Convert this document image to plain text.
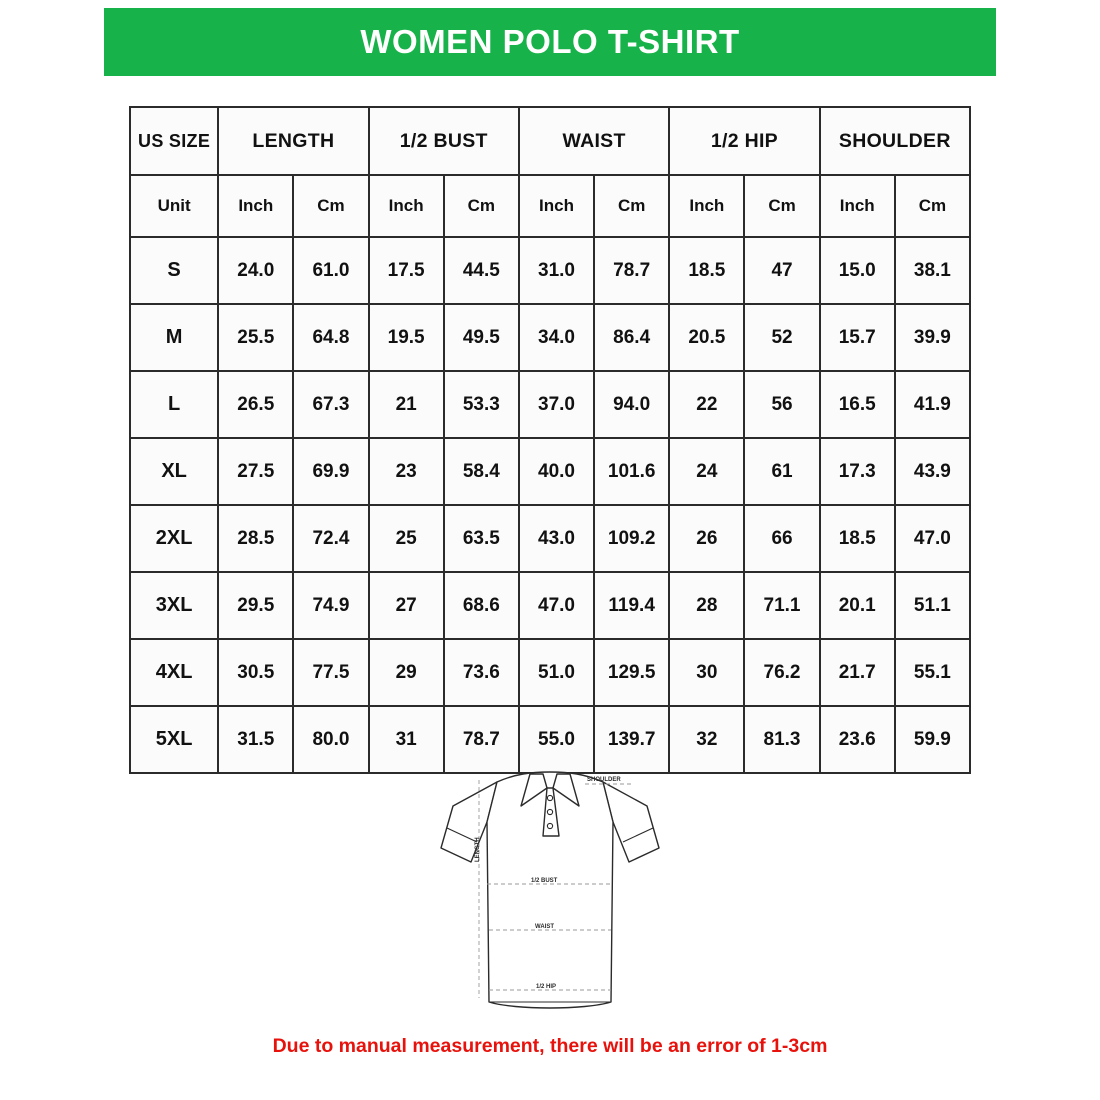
WOMEN POLO T-SHIRT
US SIZE	LENGTH		1/2 BUST		WAIST		1/2 HIP		SHOULDER	
Unit	Inch	Cm	Inch	Cm	Inch	Cm	Inch	Cm	Inch	Cm
S	24.0	61.0	17.5	44.5	31.0	78.7	18.5	47	15.0	38.1
M	25.5	64.8	19.5	49.5	34.0	86.4	20.5	52	15.7	39.9
L	26.5	67.3	21	53.3	37.0	94.0	22	56	16.5	41.9
XL	27.5	69.9	23	58.4	40.0	101.6	24	61	17.3	43.9
2XL	28.5	72.4	25	63.5	43.0	109.2	26	66	18.5	47.0
3XL	29.5	74.9	27	68.6	47.0	119.4	28	71.1	20.1	51.1
4XL	30.5	77.5	29	73.6	51.0	129.5	30	76.2	21.7	55.1
5XL	31.5	80.0	31	78.7	55.0	139.7	32	81.3	23.6	59.9
SHOULDER
1/2 BUST
WAIST
1/2 HIP
LENGTH
Due to manual measurement, there will be an error of 1-3cm
